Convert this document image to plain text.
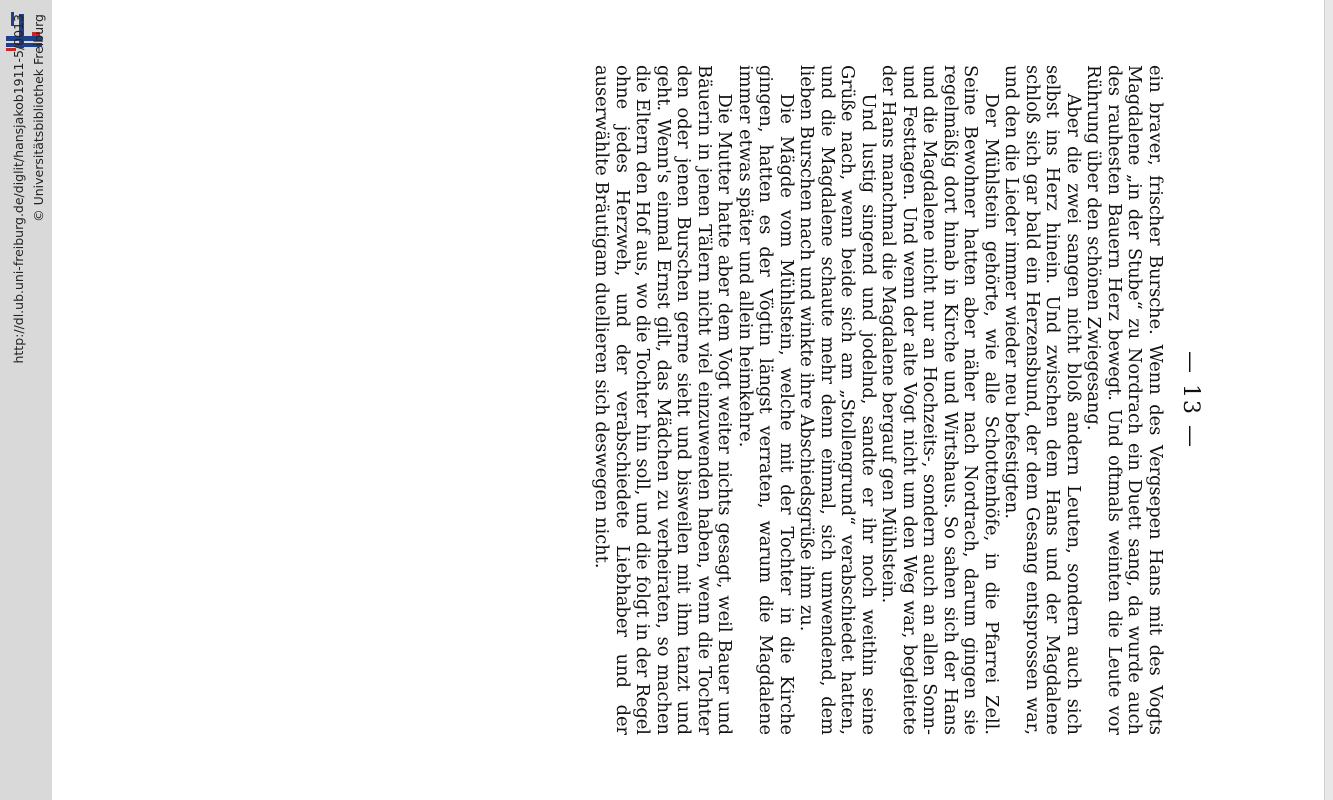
http://dl.ub.uni-freiburg.de/diglit/hansjakob1911-5/0013 © Universitätsbibliothek Freiburg
— 13 —

ein braver, frischer Bursche. Wenn des Vergsepen Hans mit des Vogts Magdalene „in der Stube“ zu Nordrach ein Duett sang, da wurde auch des rauhesten Bauern Herz bewegt. Und oftmals weinten die Leute vor Rührung über den schönen Zwiegesang.

Aber die zwei sangen nicht bloß andern Leuten, sondern auch sich selbst ins Herz hinein. Und zwischen dem Hans und der Magdalene schloß sich gar bald ein Herzensbund, der dem Gesang entsprossen war, und den die Lieder immer wieder neu befestigten.

Der Mühlstein gehörte, wie alle Schottenhöfe, in die Pfarrei Zell. Seine Bewohner hatten aber näher nach Nordrach, darum gingen sie regelmäßig dort hinab in Kirche und Wirtshaus. So sahen sich der Hans und die Magdalene nicht nur an Hochzeits-, sondern auch an allen Sonn- und Festtagen. Und wenn der alte Vogt nicht um den Weg war, begleitete der Hans manchmal die Magdalene bergauf gen Mühlstein.

Und lustig singend und jodelnd, sandte er ihr noch weithin seine Grüße nach, wenn beide sich am „Stollengrund“ verabschiedet hatten, und die Magdalene schaute mehr denn einmal, sich umwendend, dem lieben Burschen nach und winkte ihre Abschiedsgrüße ihm zu.

Die Mägde vom Mühlstein, welche mit der Tochter in die Kirche gingen, hatten es der Vögtin längst verraten, warum die Magdalene immer etwas später und allein heimkehre.

Die Mutter hatte aber dem Vogt weiter nichts gesagt, weil Bauer und Bäuerin in jenen Tälern nicht viel einzuwenden haben, wenn die Tochter den oder jenen Burschen gerne sieht und bisweilen mit ihm tanzt und geht. Wenn's einmal Ernst gilt, das Mädchen zu verheiraten, so machen die Eltern den Hof aus, wo die Tochter hin soll, und die folgt in der Regel ohne jedes Herzweh, und der verabschiedete Liebhaber und der auserwählte Bräutigam duellieren sich deswegen nicht.
